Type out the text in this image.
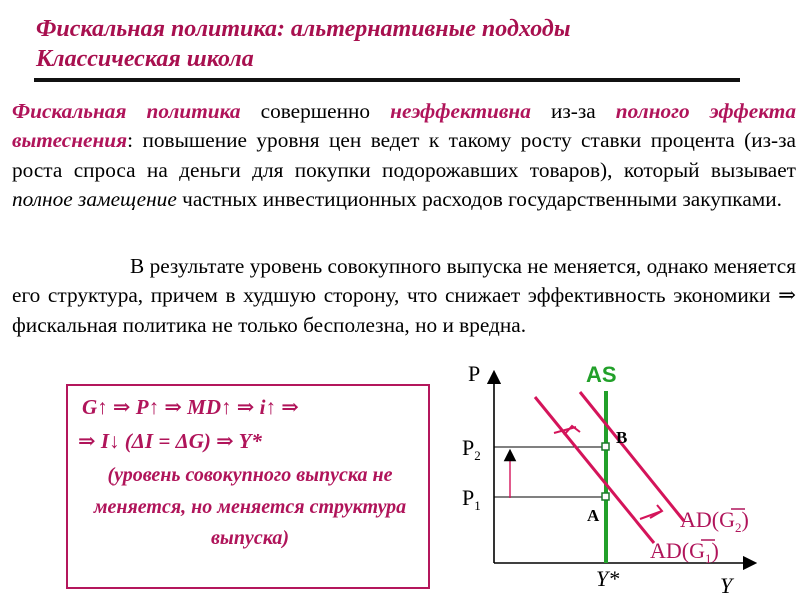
Фискальная политика: альтернативные подходы
Классическая школа
Фискальная политика совершенно неэффективна из-за полного эффекта вытеснения: повышение уровня цен ведет к такому росту ставки процента (из-за роста спроса на деньги для покупки подорожавших товаров), который вызывает полное замещение частных инвестиционных расходов государственными закупками.
В результате уровень совокупного выпуска не меняется, однако меняется его структура, причем в худшую сторону, что снижает эффективность экономики ⇒ фискальная политика не только бесполезна, но и вредна.
G↑ ⇒ P↑ ⇒ MD↑ ⇒ i↑ ⇒
⇒ I↓ (ΔI = ΔG) ⇒ Y*
(уровень совокупного выпуска не меняется, но меняется структура выпуска)
P
Y
AS
$P_2$
$P_1$
B
A
Y*
$AD(G_2)$
$AD(G_1)$
